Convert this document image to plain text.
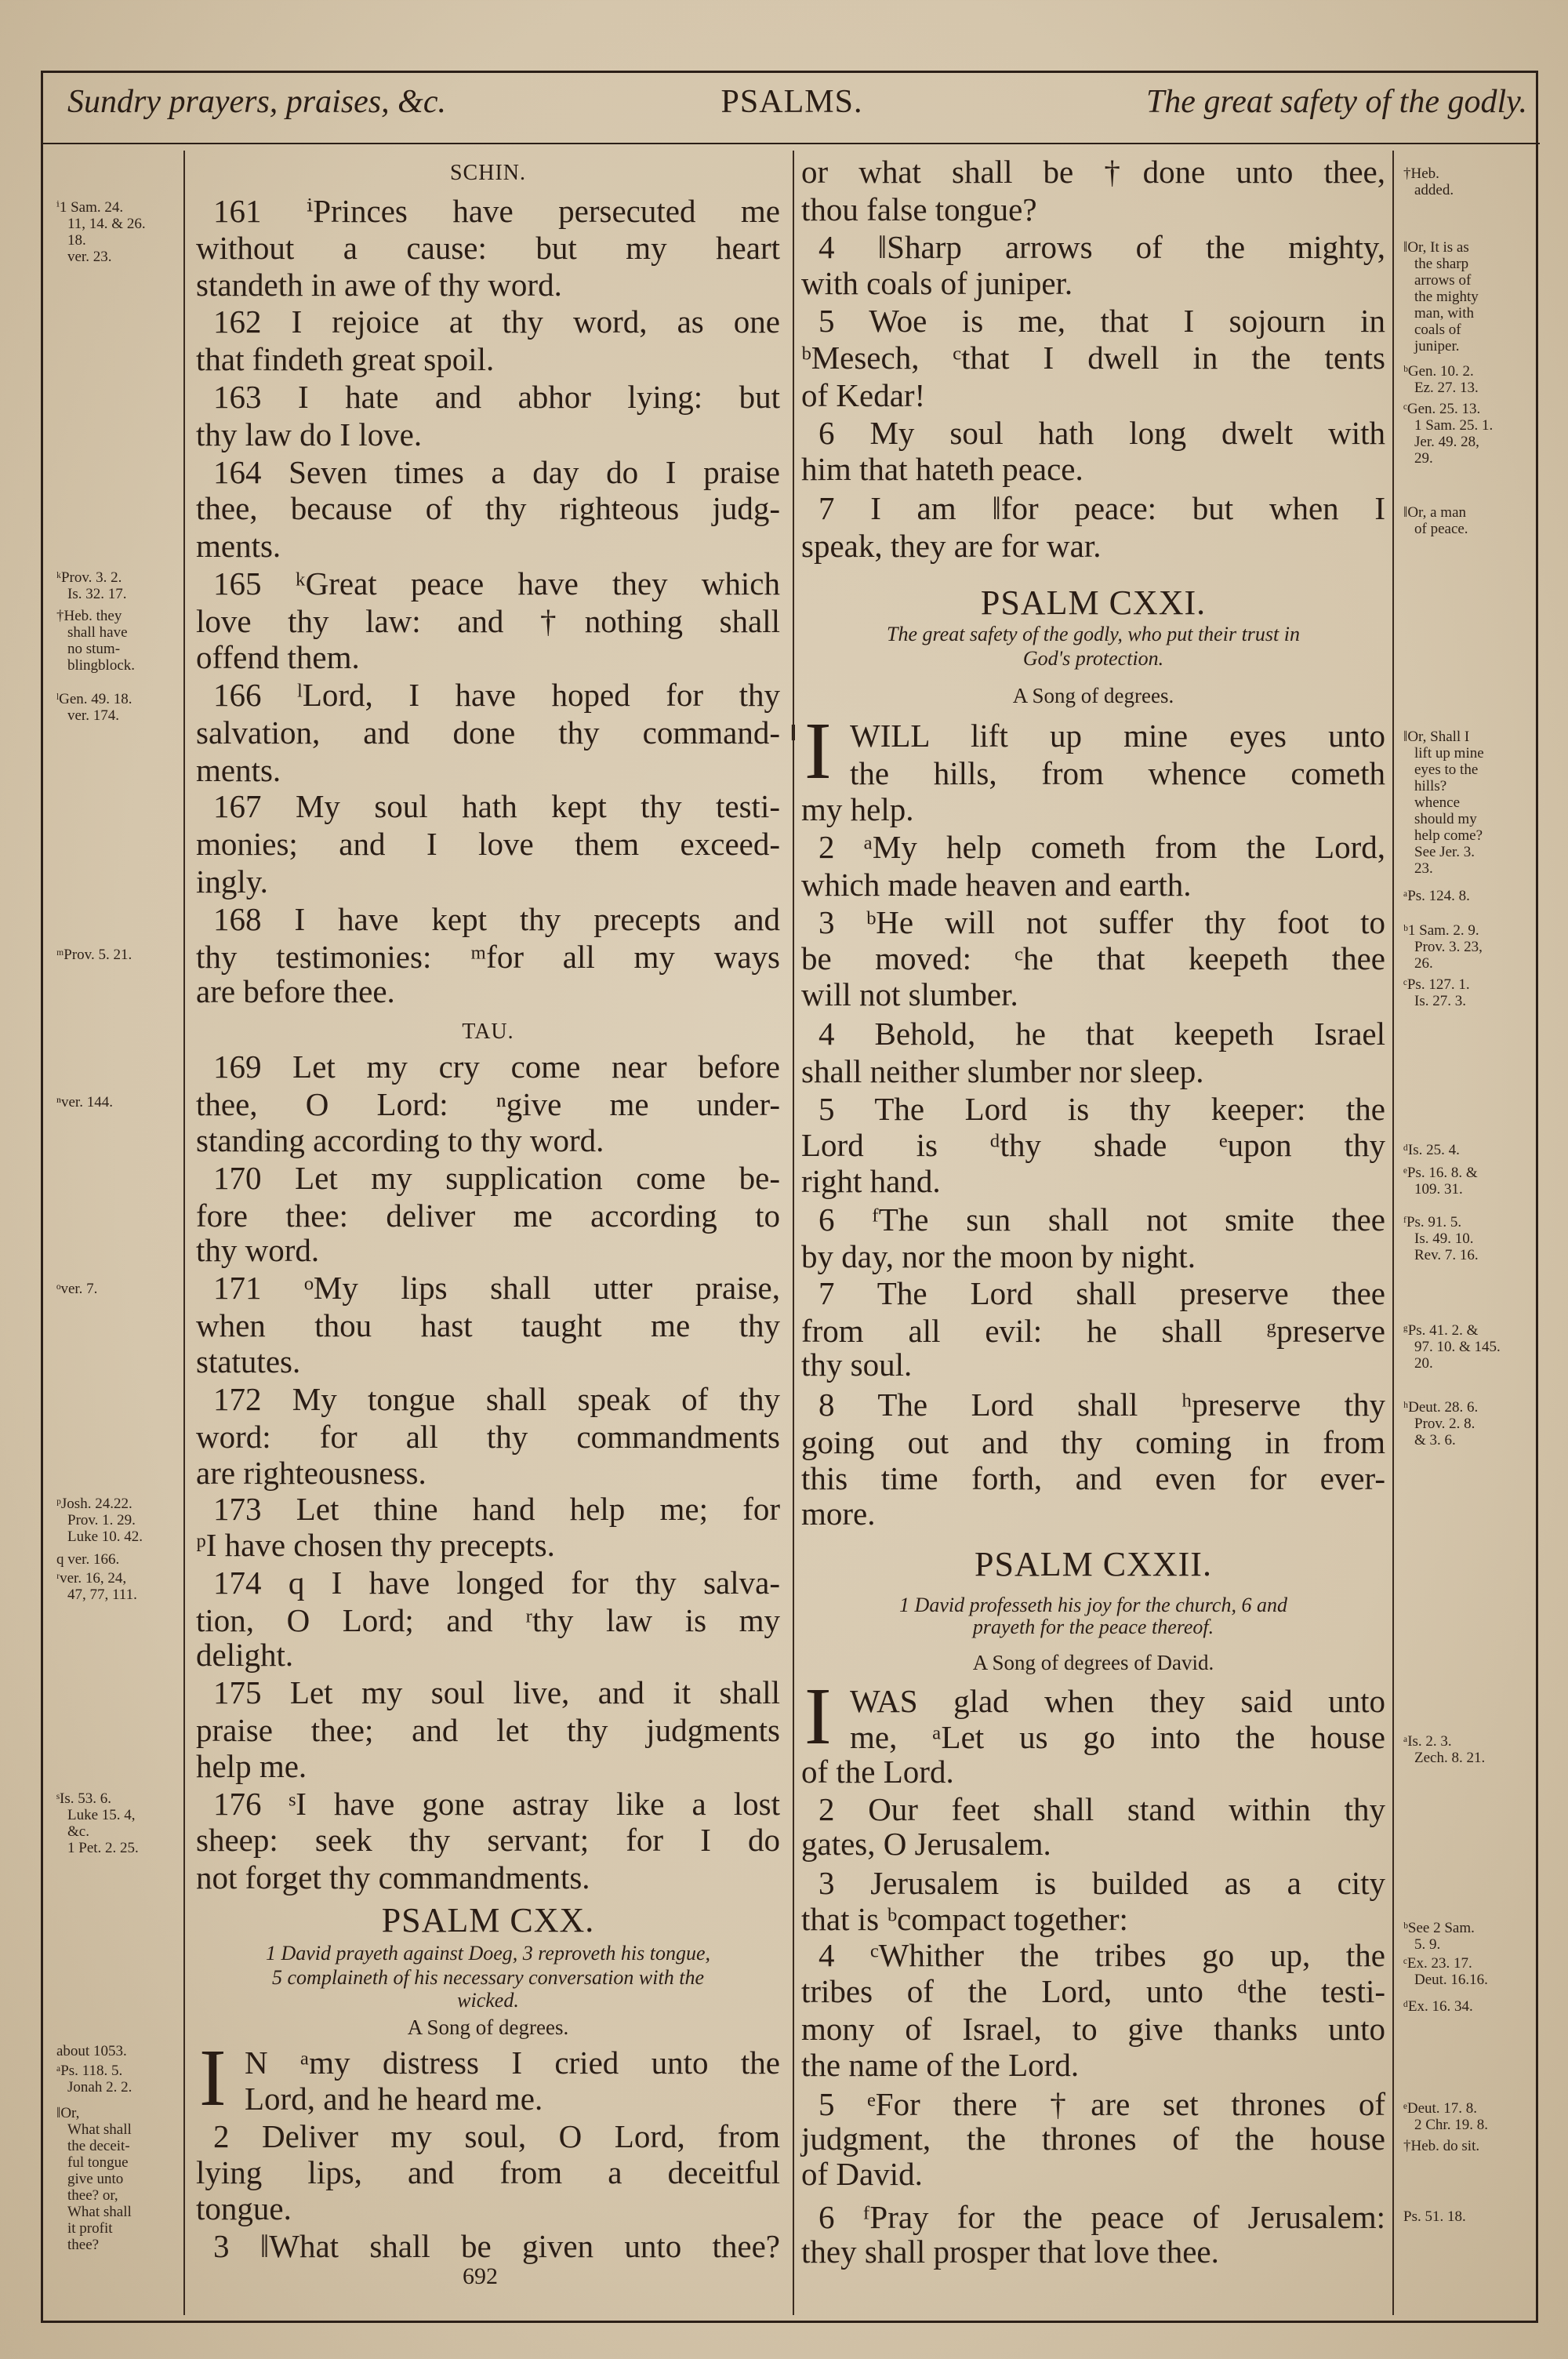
Sundry prayers, praises, &c.	PSALMS.	The great safety of the godly.
SCHIN.
161 ⁱPrinces have persecuted me
without a cause: but my heart
standeth in awe of thy word.
162 I rejoice at thy word, as one
that findeth great spoil.
163 I hate and abhor lying: but
thy law do I love.
164 Seven times a day do I praise
thee, because of thy righteous judg-
ments.
165 ᵏGreat peace have they which
love thy law: and †nothing shall
offend them.
166 ˡLord, I have hoped for thy
salvation, and done thy command-
ments.
167 My soul hath kept thy testi-
monies; and I love them exceed-
ingly.
168 I have kept thy precepts and
thy testimonies: ᵐfor all my ways
are before thee.
TAU.
169 Let my cry come near before
thee, O Lord: ⁿgive me under-
standing according to thy word.
170 Let my supplication come be-
fore thee: deliver me according to
thy word.
171 ᵒMy lips shall utter praise,
when thou hast taught me thy
statutes.
172 My tongue shall speak of thy
word: for all thy commandments
are righteousness.
173 Let thine hand help me; for
ᵖI have chosen thy precepts.
174 q I have longed for thy salva-
tion, O Lord; and ʳthy law is my
delight.
175 Let my soul live, and it shall
praise thee; and let thy judgments
help me.
176 ˢI have gone astray like a lost
sheep: seek thy servant; for I do
not forget thy commandments.
PSALM CXX.
1 David prayeth against Doeg, 3 reproveth his tongue,
5 complaineth of his necessary conversation with the
wicked.
A Song of degrees.
N ᵃmy distress I cried unto the
I Lord, and he heard me.
2 Deliver my soul, O Lord, from
lying lips, and from a deceitful
tongue.
3 ‖What shall be given unto thee?
or what shall be †done unto thee,
thou false tongue?
4 ‖Sharp arrows of the mighty,
with coals of juniper.
5 Woe is me, that I sojourn in
ᵇMesech, ᶜthat I dwell in the tents
of Kedar!
6 My soul hath long dwelt with
him that hateth peace.
7 I am ‖for peace: but when I
speak, they are for war.
PSALM CXXI.
The great safety of the godly, who put their trust in
God's protection.
A Song of degrees.
WILL lift up mine eyes unto
I
‖
the hills, from whence cometh
my help.
2 ᵃMy help cometh from the Lord,
which made heaven and earth.
3 ᵇHe will not suffer thy foot to
be moved: ᶜhe that keepeth thee
will not slumber.
4 Behold, he that keepeth Israel
shall neither slumber nor sleep.
5 The Lord is thy keeper: the
Lord is ᵈthy shade ᵉupon thy
right hand.
6 ᶠThe sun shall not smite thee
by day, nor the moon by night.
7 The Lord shall preserve thee
from all evil: he shall ᵍpreserve
thy soul.
8 The Lord shall ʰpreserve thy
going out and thy coming in from
this time forth, and even for ever-
more.
PSALM CXXII.
1 David professeth his joy for the church, 6 and
prayeth for the peace thereof.
A Song of degrees of David.
WAS glad when they said unto
I me, ᵃLet us go into the house
of the Lord.
2 Our feet shall stand within thy
gates, O Jerusalem.
3 Jerusalem is builded as a city
that is ᵇcompact together:
4 ᶜWhither the tribes go up, the
tribes of the Lord, unto ᵈthe testi-
mony of Israel, to give thanks unto
the name of the Lord.
5 ᵉFor there †are set thrones of
judgment, the thrones of the house
of David.
6 ᶠPray for the peace of Jerusalem:
they shall prosper that love thee.
ⁱ1 Sam. 24.
11, 14. & 26.
18.
ver. 23.
ᵏProv. 3. 2.
Is. 32. 17.
†Heb. they
shall have
no stum-
blingblock.
ˡGen. 49. 18.
ver. 174.
ᵐProv. 5. 21.
ⁿver. 144.
ᵒver. 7.
ᵖJosh. 24.22.
Prov. 1. 29.
Luke 10. 42.
q ver. 166.
ʳver. 16, 24,
47, 77, 111.
ˢIs. 53. 6.
Luke 15. 4,
&c.
1 Pet. 2. 25.
about 1053.
ᵃPs. 118. 5.
Jonah 2. 2.
‖Or,
What shall
the deceit-
ful tongue
give unto
thee? or,
What shall
it profit
thee?
†Heb.
added.
‖Or, It is as
the sharp
arrows of
the mighty
man, with
coals of
juniper.
ᵇGen. 10. 2.
Ez. 27. 13.
ᶜGen. 25. 13.
1 Sam. 25. 1.
Jer. 49. 28,
29.
‖Or, a man
of peace.
‖Or, Shall I
lift up mine
eyes to the
hills?
whence
should my
help come?
See Jer. 3.
23.
ᵃPs. 124. 8.
ᵇ1 Sam. 2. 9.
Prov. 3. 23,
26.
ᶜPs. 127. 1.
Is. 27. 3.
ᵈIs. 25. 4.
ᵉPs. 16. 8. &
109. 31.
ᶠPs. 91. 5.
Is. 49. 10.
Rev. 7. 16.
ᵍPs. 41. 2. &
97. 10. & 145.
20.
ʰDeut. 28. 6.
Prov. 2. 8.
& 3. 6.
ᵃIs. 2. 3.
Zech. 8. 21.
ᵇSee 2 Sam.
5. 9.
ᶜEx. 23. 17.
Deut. 16.16.
ᵈEx. 16. 34.
ᵉDeut. 17. 8.
2 Chr. 19. 8.
†Heb. do sit.
Ps. 51. 18.
692
